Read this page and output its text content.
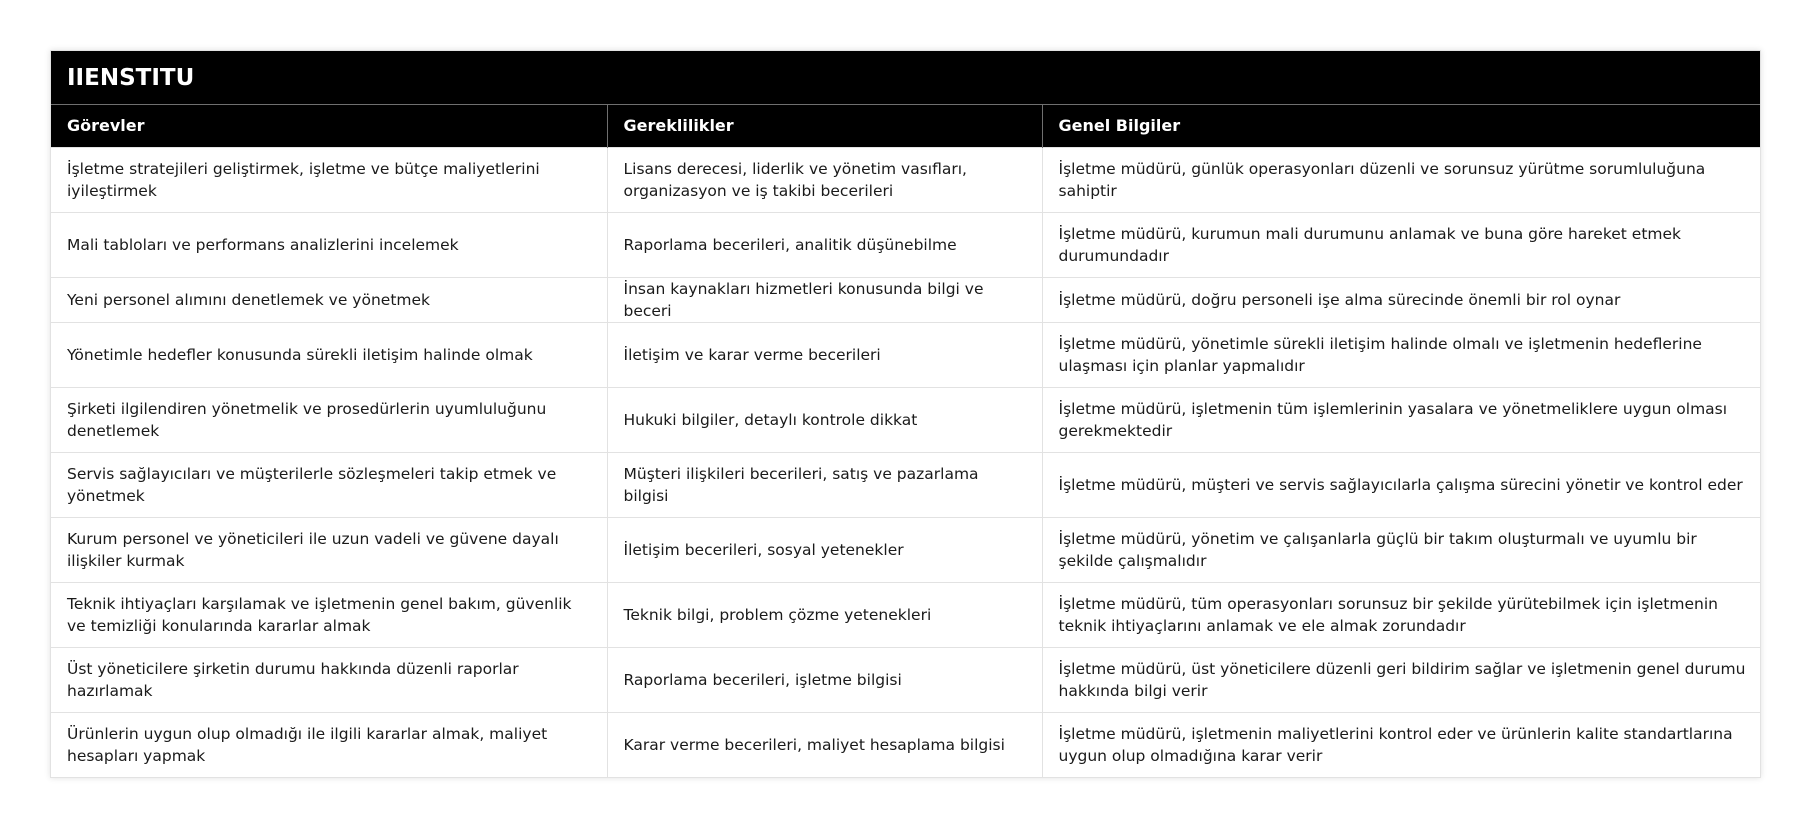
IIENSTITU
Görevler	Gereklilikler	Genel Bilgiler
İşletme stratejileri geliştirmek, işletme ve bütçe maliyetlerini iyileştirmek	Lisans derecesi, liderlik ve yönetim vasıfları, organizasyon ve iş takibi becerileri	İşletme müdürü, günlük operasyonları düzenli ve sorunsuz yürütme sorumluluğuna sahiptir
Mali tabloları ve performans analizlerini incelemek	Raporlama becerileri, analitik düşünebilme	İşletme müdürü, kurumun mali durumunu anlamak ve buna göre hareket etmek durumundadır
Yeni personel alımını denetlemek ve yönetmek	İnsan kaynakları hizmetleri konusunda bilgi ve beceri	İşletme müdürü, doğru personeli işe alma sürecinde önemli bir rol oynar
Yönetimle hedefler konusunda sürekli iletişim halinde olmak	İletişim ve karar verme becerileri	İşletme müdürü, yönetimle sürekli iletişim halinde olmalı ve işletmenin hedeflerine ulaşması için planlar yapmalıdır
Şirketi ilgilendiren yönetmelik ve prosedürlerin uyumluluğunu denetlemek	Hukuki bilgiler, detaylı kontrole dikkat	İşletme müdürü, işletmenin tüm işlemlerinin yasalara ve yönetmeliklere uygun olması gerekmektedir
Servis sağlayıcıları ve müşterilerle sözleşmeleri takip etmek ve yönetmek	Müşteri ilişkileri becerileri, satış ve pazarlama bilgisi	İşletme müdürü, müşteri ve servis sağlayıcılarla çalışma sürecini yönetir ve kontrol eder
Kurum personel ve yöneticileri ile uzun vadeli ve güvene dayalı ilişkiler kurmak	İletişim becerileri, sosyal yetenekler	İşletme müdürü, yönetim ve çalışanlarla güçlü bir takım oluşturmalı ve uyumlu bir şekilde çalışmalıdır
Teknik ihtiyaçları karşılamak ve işletmenin genel bakım, güvenlik ve temizliği konularında kararlar almak	Teknik bilgi, problem çözme yetenekleri	İşletme müdürü, tüm operasyonları sorunsuz bir şekilde yürütebilmek için işletmenin teknik ihtiyaçlarını anlamak ve ele almak zorundadır
Üst yöneticilere şirketin durumu hakkında düzenli raporlar hazırlamak	Raporlama becerileri, işletme bilgisi	İşletme müdürü, üst yöneticilere düzenli geri bildirim sağlar ve işletmenin genel durumu hakkında bilgi verir
Ürünlerin uygun olup olmadığı ile ilgili kararlar almak, maliyet hesapları yapmak	Karar verme becerileri, maliyet hesaplama bilgisi	İşletme müdürü, işletmenin maliyetlerini kontrol eder ve ürünlerin kalite standartlarına uygun olup olmadığına karar verir
